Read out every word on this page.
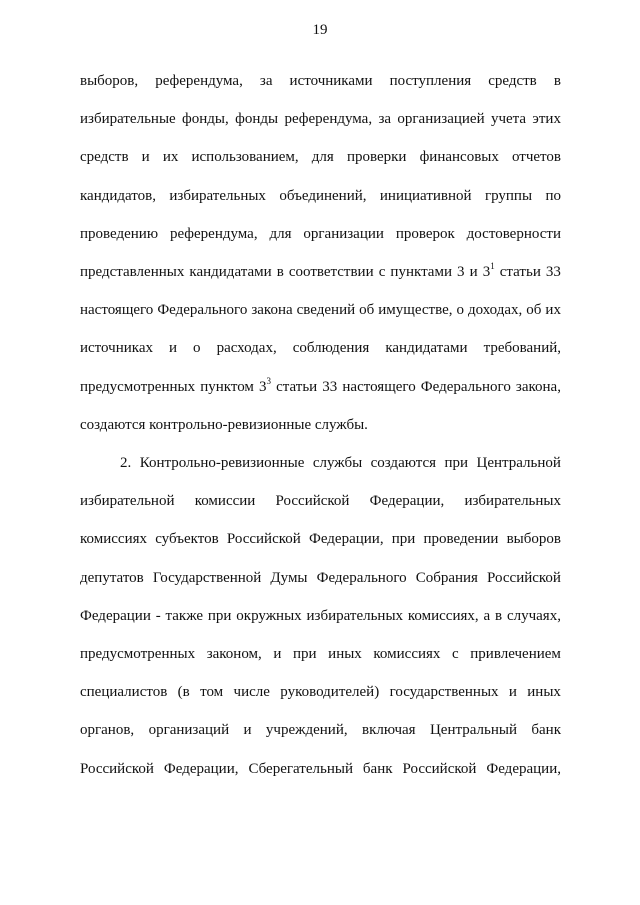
19
выборов, референдума, за источниками поступления средств в
избирательные фонды, фонды референдума, за организацией учета этих
средств и их использованием, для проверки финансовых отчетов
кандидатов, избирательных объединений, инициативной группы по
проведению референдума, для организации проверок достоверности
представленных кандидатами в соответствии с пунктами 3 и $3^1$ статьи 33
настоящего Федерального закона сведений об имуществе, о доходах, об их
источниках и о расходах, соблюдения кандидатами требований,
предусмотренных пунктом $3^3$ статьи 33 настоящего Федерального закона,
создаются контрольно-ревизионные службы.
2. Контрольно-ревизионные службы создаются при Центральной
избирательной комиссии Российской Федерации, избирательных
комиссиях субъектов Российской Федерации, при проведении выборов
депутатов Государственной Думы Федерального Собрания Российской
Федерации - также при окружных избирательных комиссиях, а в случаях,
предусмотренных законом, и при иных комиссиях с привлечением
специалистов (в том числе руководителей) государственных и иных
органов, организаций и учреждений, включая Центральный банк
Российской Федерации, Сберегательный банк Российской Федерации,
